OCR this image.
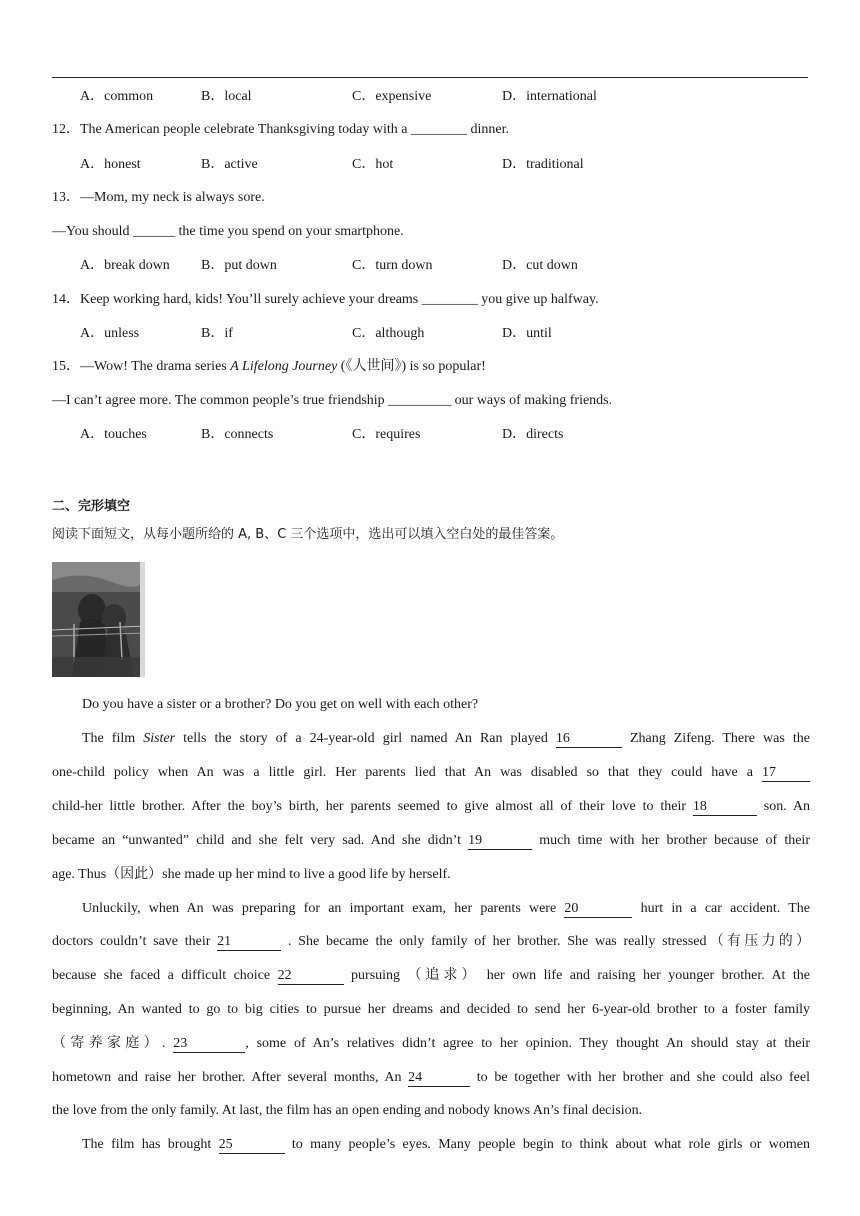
A．common	B．local	C．expensive	D．international
12．The American people celebrate Thanksgiving today with a ________ dinner.
A．honest	B．active	C．hot	D．traditional
13．—Mom, my neck is always sore.
—You should ______ the time you spend on your smartphone.
A．break down B．put down	C．turn down	D．cut down
14．Keep working hard, kids! You’ll surely achieve your dreams ________ you give up halfway.
A．unless	B．if	C．although	D．until
15．—Wow! The drama series A Lifelong Journey (《人世间》) is so popular!
—I can’t agree more. The common people’s true friendship _________ our ways of making friends.
A．touches	B．connects	C．requires	D．directs
二、完形填空
阅读下面短文，从每小题所给的 A, B、C 三个选项中，选出可以填入空白处的最佳答案。
Do you have a sister or a brother? Do you get on well with each other?
The film Sister tells the story of a 24-year-old girl named An Ran played 16	Zhang Zifeng. There was the
one-child policy when An was a little girl. Her parents lied that An was disabled so that they could have a 17
child-her little brother. After the boy’s birth, her parents seemed to give almost all of their love to their 18	son. An
became an “unwanted” child and she felt very sad. And she didn’t 19	much time with her brother because of their
age. Thus（因此）she made up her mind to live a good life by herself.
Unluckily, when An was preparing for an important exam, her parents were 20	hurt in a car accident. The
doctors couldn’t save their 21	. She became the only family of her brother. She was really stressed（有压力的）
because she faced a difficult choice 22	pursuing （追求） her own life and raising her younger brother. At the
beginning, An wanted to go to big cities to pursue her dreams and decided to send her 6-year-old brother to a foster family
（寄养家庭）. 23	, some of An’s relatives didn’t agree to her opinion. They thought An should stay at their
hometown and raise her brother. After several months, An 24	to be together with her brother and she could also feel
the love from the only family. At last, the film has an open ending and nobody knows An’s final decision.
The film has brought 25	to many people’s eyes. Many people begin to think about what role girls or women
